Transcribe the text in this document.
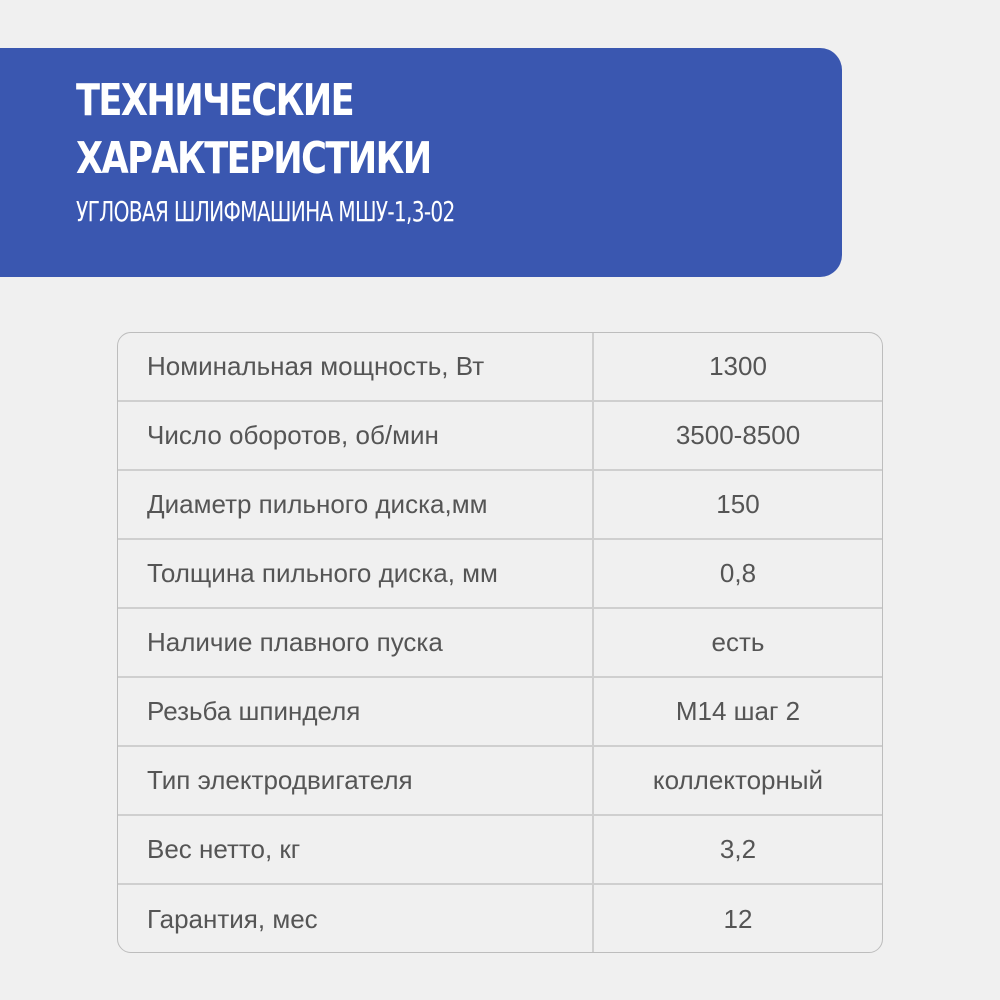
ТЕХНИЧЕСКИЕ
ХАРАКТЕРИСТИКИ
УГЛОВАЯ ШЛИФМАШИНА МШУ-1,3-02
Номинальная мощность, Вт	1300
Число оборотов, об/мин	3500-8500
Диаметр пильного диска,мм	150
Толщина пильного диска, мм	0,8
Наличие плавного пуска	есть
Резьба шпинделя	М14 шаг 2
Тип электродвигателя	коллекторный
Вес нетто, кг	3,2
Гарантия, мес	12
